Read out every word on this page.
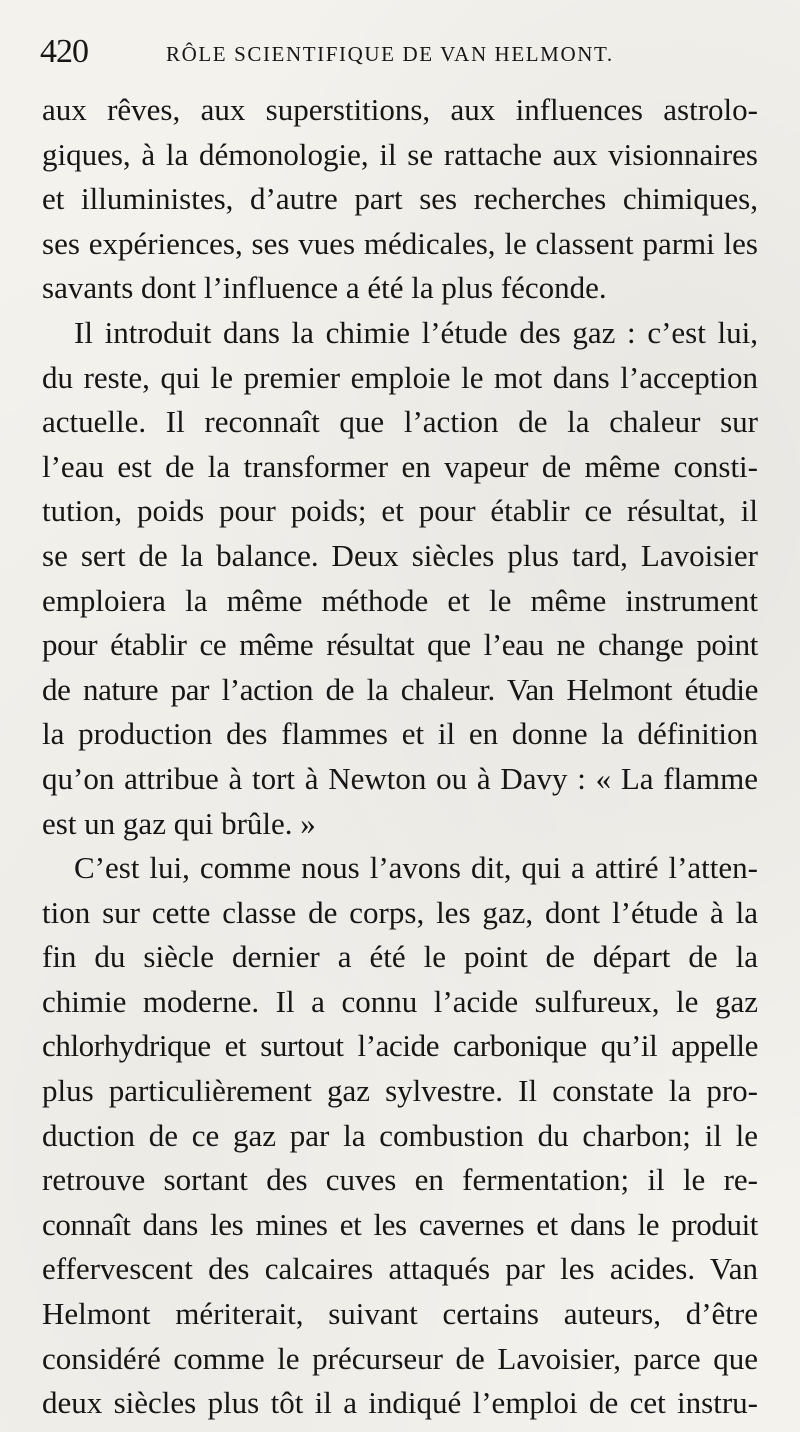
420	RÔLE SCIENTIFIQUE DE VAN HELMONT.
aux rêves, aux superstitions, aux influences astrolo-
giques, à la démonologie, il se rattache aux visionnaires
et illuministes, d’autre part ses recherches chimiques,
ses expériences, ses vues médicales, le classent parmi les
savants dont l’influence a été la plus féconde.
Il introduit dans la chimie l’étude des gaz : c’est lui,
du reste, qui le premier emploie le mot dans l’acception
actuelle. Il reconnaît que l’action de la chaleur sur
l’eau est de la transformer en vapeur de même consti-
tution, poids pour poids; et pour établir ce résultat, il
se sert de la balance. Deux siècles plus tard, Lavoisier
emploiera la même méthode et le même instrument
pour établir ce même résultat que l’eau ne change point
de nature par l’action de la chaleur. Van Helmont étudie
la production des flammes et il en donne la définition
qu’on attribue à tort à Newton ou à Davy : « La flamme
est un gaz qui brûle. »
C’est lui, comme nous l’avons dit, qui a attiré l’atten-
tion sur cette classe de corps, les gaz, dont l’étude à la
fin du siècle dernier a été le point de départ de la
chimie moderne. Il a connu l’acide sulfureux, le gaz
chlorhydrique et surtout l’acide carbonique qu’il appelle
plus particulièrement gaz sylvestre. Il constate la pro-
duction de ce gaz par la combustion du charbon; il le
retrouve sortant des cuves en fermentation; il le re-
connaît dans les mines et les cavernes et dans le produit
effervescent des calcaires attaqués par les acides. Van
Helmont mériterait, suivant certains auteurs, d’être
considéré comme le précurseur de Lavoisier, parce que
deux siècles plus tôt il a indiqué l’emploi de cet instru-
